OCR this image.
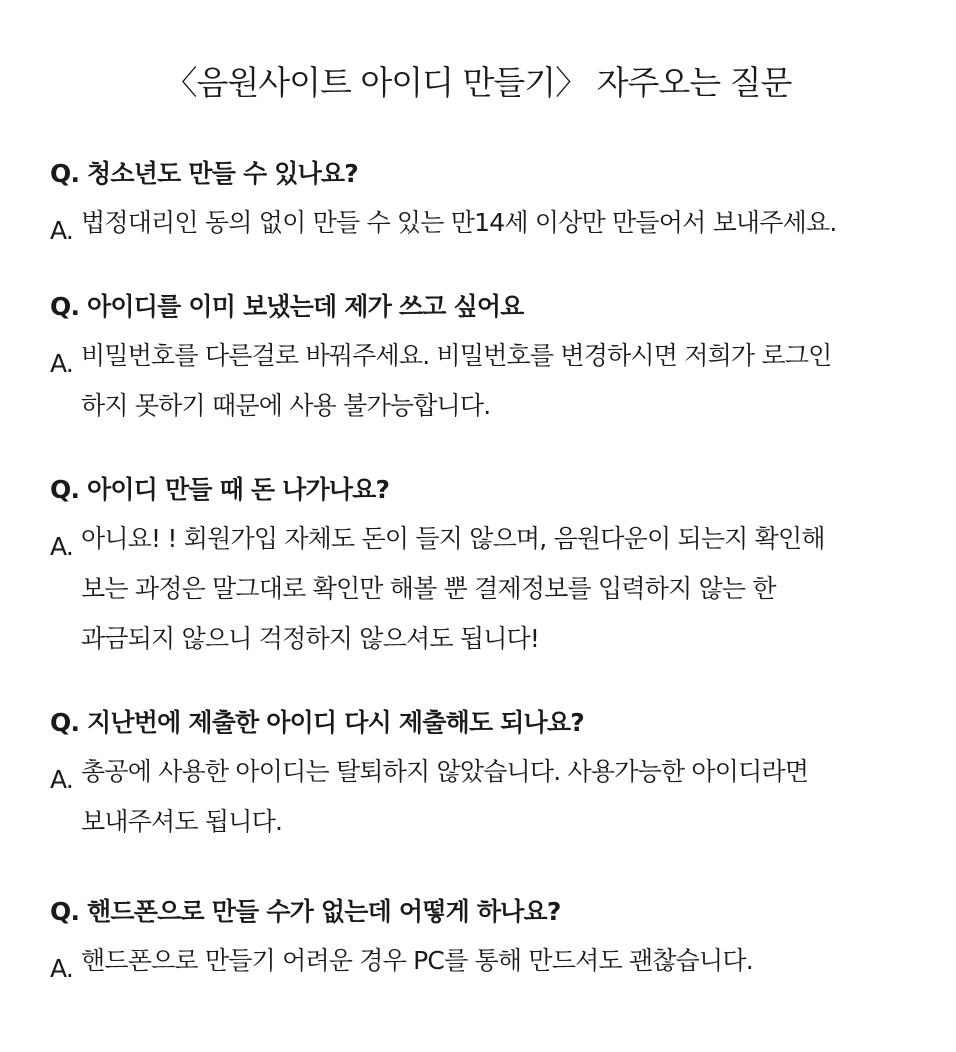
〈음원사이트 아이디 만들기〉 자주오는 질문
Q. 청소년도 만들 수 있나요?
A. 법정대리인 동의 없이 만들 수 있는 만14세 이상만 만들어서 보내주세요.
Q. 아이디를 이미 보냈는데 제가 쓰고 싶어요
A. 비밀번호를 다른걸로 바꿔주세요. 비밀번호를 변경하시면 저희가 로그인
하지 못하기 때문에 사용 불가능합니다.
Q. 아이디 만들 때 돈 나가나요?
A. 아니요! ! 회원가입 자체도 돈이 들지 않으며, 음원다운이 되는지 확인해
보는 과정은 말그대로 확인만 해볼 뿐 결제정보를 입력하지 않는 한
과금되지 않으니 걱정하지 않으셔도 됩니다!
Q. 지난번에 제출한 아이디 다시 제출해도 되나요?
A. 총공에 사용한 아이디는 탈퇴하지 않았습니다. 사용가능한 아이디라면
보내주셔도 됩니다.
Q. 핸드폰으로 만들 수가 없는데 어떻게 하나요?
A. 핸드폰으로 만들기 어려운 경우 PC를 통해 만드셔도 괜찮습니다.
